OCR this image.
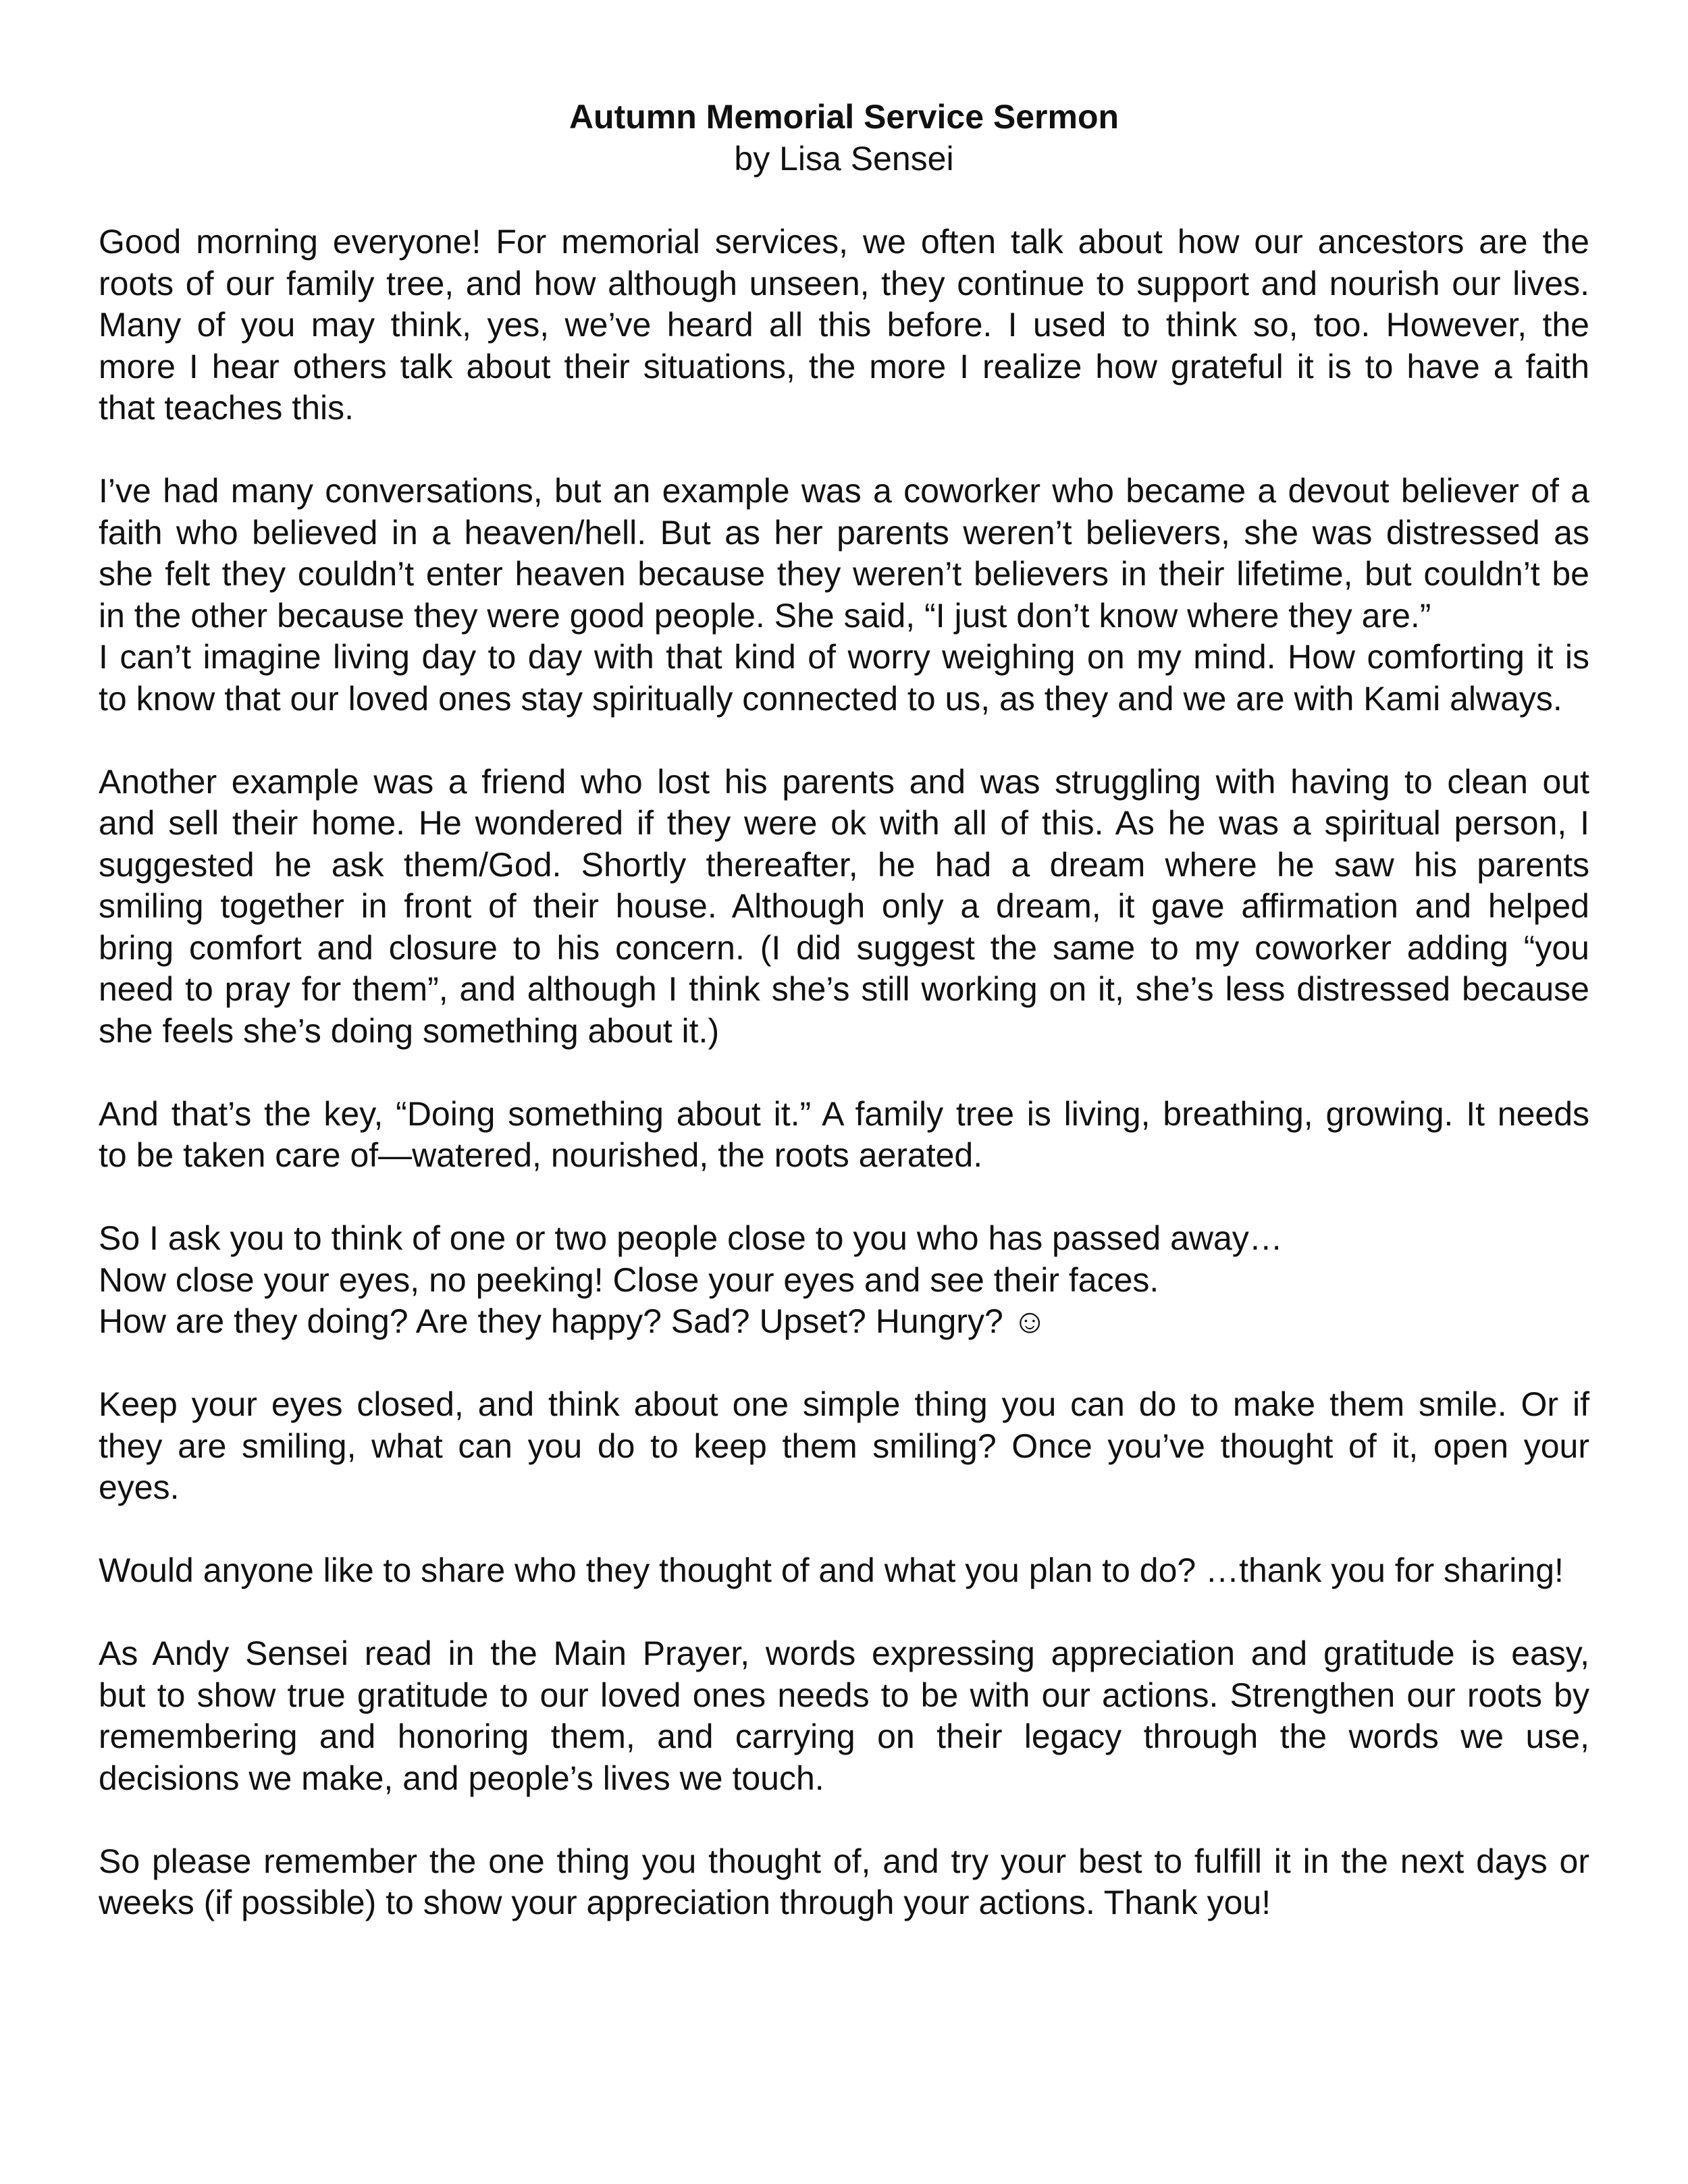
Autumn Memorial Service Sermon

by Lisa Sensei

Good morning everyone! For memorial services, we often talk about how our ancestors are the
roots of our family tree, and how although unseen, they continue to support and nourish our lives.
Many of you may think, yes, we’ve heard all this before. I used to think so, too. However, the
more I hear others talk about their situations, the more I realize how grateful it is to have a faith
that teaches this.
I’ve had many conversations, but an example was a coworker who became a devout believer of a
faith who believed in a heaven/hell. But as her parents weren’t believers, she was distressed as
she felt they couldn’t enter heaven because they weren’t believers in their lifetime, but couldn’t be
in the other because they were good people. She said, “I just don’t know where they are.”
I can’t imagine living day to day with that kind of worry weighing on my mind. How comforting it is
to know that our loved ones stay spiritually connected to us, as they and we are with Kami always.
Another example was a friend who lost his parents and was struggling with having to clean out
and sell their home. He wondered if they were ok with all of this. As he was a spiritual person, I
suggested he ask them/God. Shortly thereafter, he had a dream where he saw his parents
smiling together in front of their house. Although only a dream, it gave affirmation and helped
bring comfort and closure to his concern. (I did suggest the same to my coworker adding “you
need to pray for them”, and although I think she’s still working on it, she’s less distressed because
she feels she’s doing something about it.)
And that’s the key, “Doing something about it.” A family tree is living, breathing, growing. It needs
to be taken care of—watered, nourished, the roots aerated.
So I ask you to think of one or two people close to you who has passed away…
Now close your eyes, no peeking! Close your eyes and see their faces.
How are they doing? Are they happy? Sad? Upset? Hungry? ☺
Keep your eyes closed, and think about one simple thing you can do to make them smile. Or if
they are smiling, what can you do to keep them smiling? Once you’ve thought of it, open your
eyes.
Would anyone like to share who they thought of and what you plan to do? …thank you for sharing!
As Andy Sensei read in the Main Prayer, words expressing appreciation and gratitude is easy,
but to show true gratitude to our loved ones needs to be with our actions. Strengthen our roots by
remembering and honoring them, and carrying on their legacy through the words we use,
decisions we make, and people’s lives we touch.
So please remember the one thing you thought of, and try your best to fulfill it in the next days or
weeks (if possible) to show your appreciation through your actions. Thank you!
